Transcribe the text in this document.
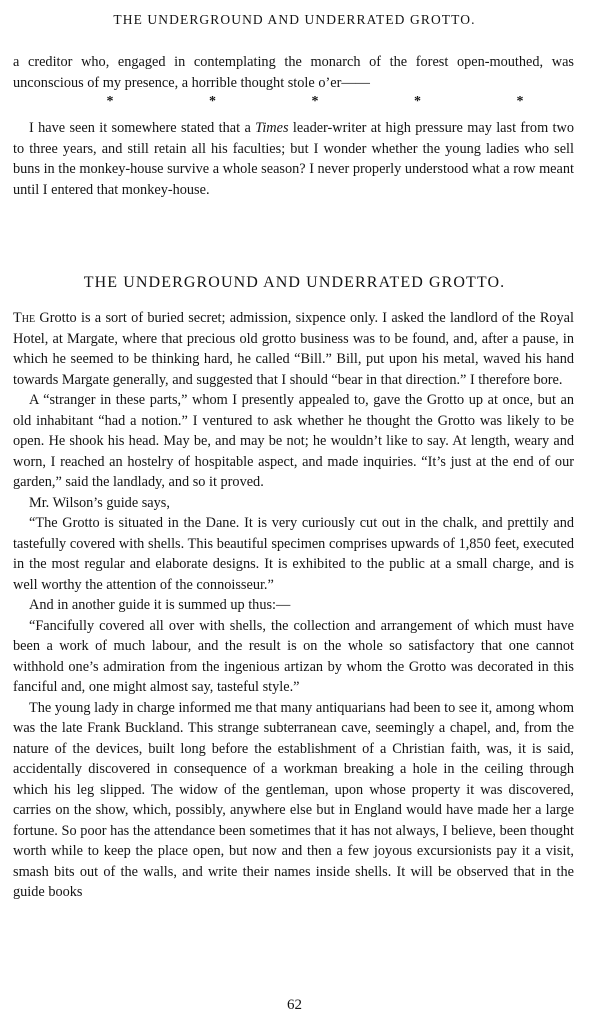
THE UNDERGROUND AND UNDERRATED GROTTO.

a creditor who, engaged in contemplating the monarch of the forest open-mouthed, was unconscious of my presence, a horrible thought stole o’er——

*	*	*	*	*

I have seen it somewhere stated that a Times leader-writer at high pressure may last from two to three years, and still retain all his faculties; but I wonder whether the young ladies who sell buns in the monkey-house survive a whole season? I never properly understood what a row meant until I entered that monkey-house.

THE UNDERGROUND AND UNDERRATED GROTTO.

The Grotto is a sort of buried secret; admission, sixpence only. I asked the landlord of the Royal Hotel, at Margate, where that precious old grotto business was to be found, and, after a pause, in which he seemed to be thinking hard, he called “Bill.” Bill, put upon his metal, waved his hand towards Margate generally, and suggested that I should “bear in that direction.” I therefore bore.

A “stranger in these parts,” whom I presently appealed to, gave the Grotto up at once, but an old inhabitant “had a notion.” I ventured to ask whether he thought the Grotto was likely to be open. He shook his head. May be, and may be not; he wouldn’t like to say. At length, weary and worn, I reached an hostelry of hospitable aspect, and made inquiries. “It’s just at the end of our garden,” said the landlady, and so it proved.

Mr. Wilson’s guide says,

“The Grotto is situated in the Dane. It is very curiously cut out in the chalk, and prettily and tastefully covered with shells. This beautiful specimen comprises upwards of 1,850 feet, executed in the most regular and elaborate designs. It is exhibited to the public at a small charge, and is well worthy the attention of the connoisseur.”

And in another guide it is summed up thus:—

“Fancifully covered all over with shells, the collection and arrangement of which must have been a work of much labour, and the result is on the whole so satisfactory that one cannot withhold one’s admiration from the ingenious artizan by whom the Grotto was decorated in this fanciful and, one might almost say, tasteful style.”

The young lady in charge informed me that many antiquarians had been to see it, among whom was the late Frank Buckland. This strange subterranean cave, seemingly a chapel, and, from the nature of the devices, built long before the establishment of a Christian faith, was, it is said, accidentally discovered in consequence of a workman breaking a hole in the ceiling through which his leg slipped. The widow of the gentleman, upon whose property it was discovered, carries on the show, which, possibly, anywhere else but in England would have made her a large fortune. So poor has the attendance been sometimes that it has not always, I believe, been thought worth while to keep the place open, but now and then a few joyous excursionists pay it a visit, smash bits out of the walls, and write their names inside shells. It will be observed that in the guide books

62
